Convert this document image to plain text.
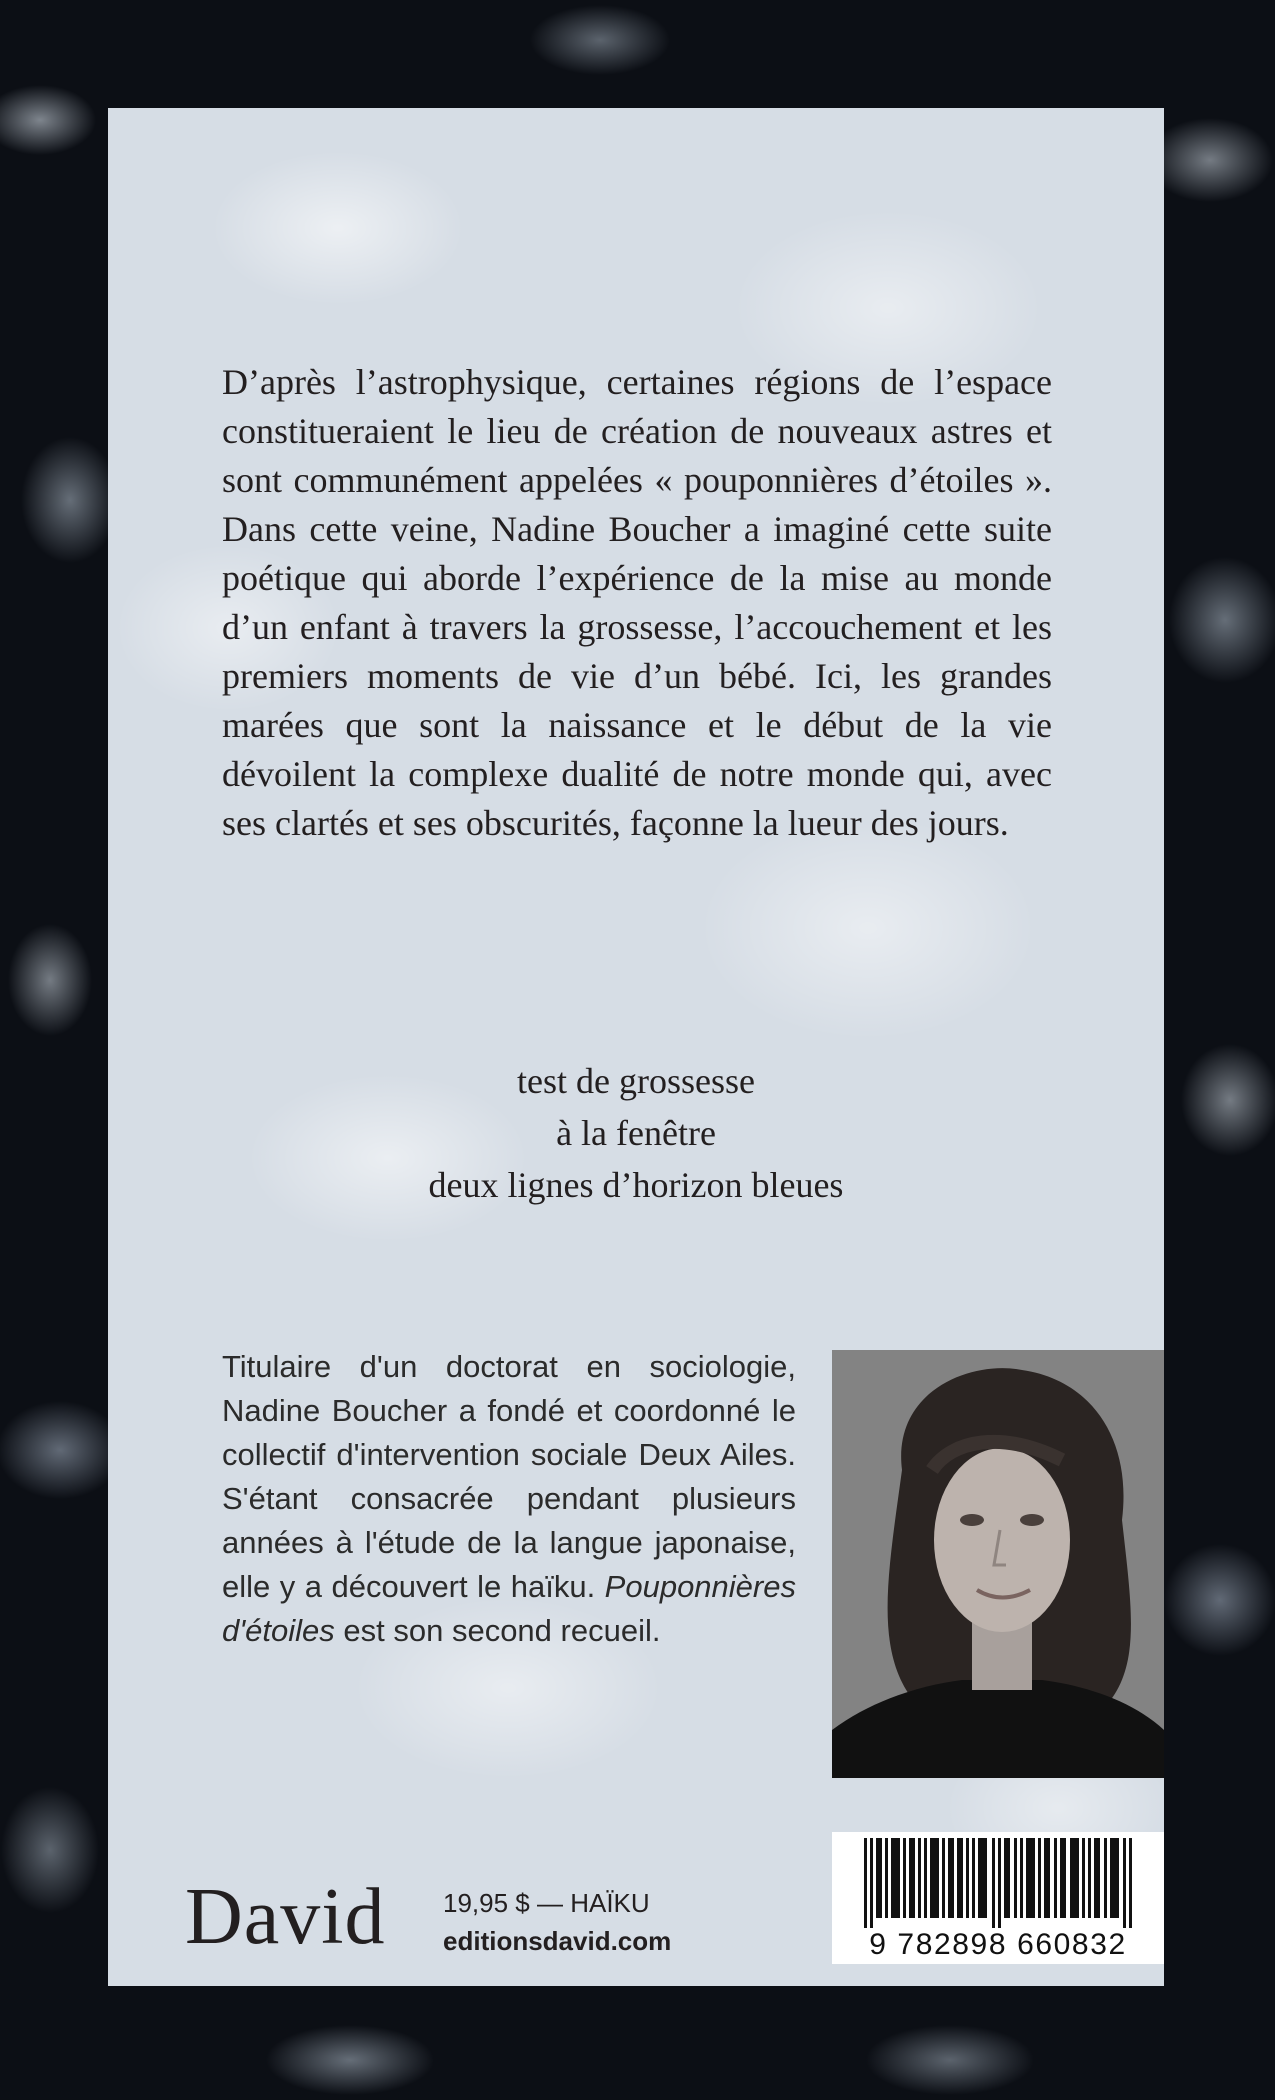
D’après l’astrophysique, certaines régions de l’espace constitueraient le lieu de création de nouveaux astres et sont communément appelées « pouponnières d’étoiles ». Dans cette veine, Nadine Boucher a imaginé cette suite poétique qui aborde l’expérience de la mise au monde d’un enfant à travers la grossesse, l’accouchement et les premiers moments de vie d’un bébé. Ici, les grandes marées que sont la naissance et le début de la vie dévoilent la complexe dualité de notre monde qui, avec ses clartés et ses obscurités, façonne la lueur des jours.

test de grossesse
à la fenêtre
deux lignes d’horizon bleues

Titulaire d'un doctorat en sociologie, Nadine Boucher a fondé et coordonné le collectif d'intervention sociale Deux Ailes. S'étant consacrée pendant plusieurs années à l'étude de la langue japonaise, elle y a découvert le haïku. Pouponnières d'étoiles est son second recueil.

9 782898 660832

David 19,95 $ — HAÏKU

editionsdavid.com
